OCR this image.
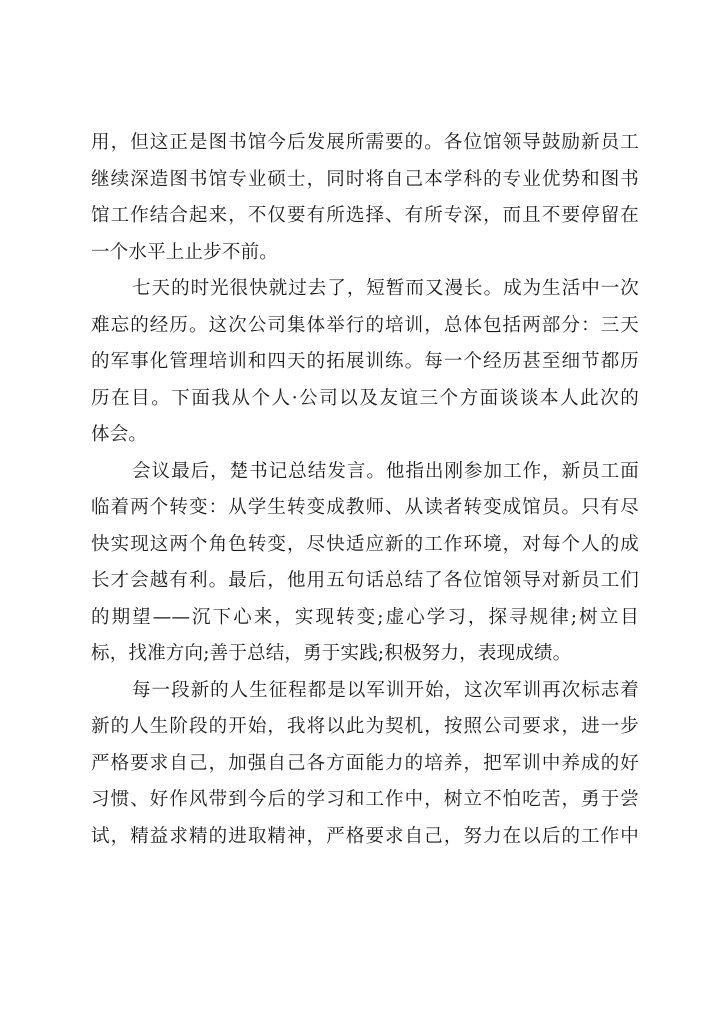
用，但这正是图书馆今后发展所需要的。各位馆领导鼓励新员工
继续深造图书馆专业硕士，同时将自己本学科的专业优势和图书
馆工作结合起来，不仅要有所选择、有所专深，而且不要停留在
一个水平上止步不前。
七天的时光很快就过去了，短暂而又漫长。成为生活中一次
难忘的经历。这次公司集体举行的培训，总体包括两部分：三天
的军事化管理培训和四天的拓展训练。每一个经历甚至细节都历
历在目。下面我从个人·公司以及友谊三个方面谈谈本人此次的
体会。
会议最后，楚书记总结发言。他指出刚参加工作，新员工面
临着两个转变：从学生转变成教师、从读者转变成馆员。只有尽
快实现这两个角色转变，尽快适应新的工作环境，对每个人的成
长才会越有利。最后，他用五句话总结了各位馆领导对新员工们
的期望——沉下心来，实现转变;虚心学习，探寻规律;树立目
标，找准方向;善于总结，勇于实践;积极努力，表现成绩。
每一段新的人生征程都是以军训开始，这次军训再次标志着
新的人生阶段的开始，我将以此为契机，按照公司要求，进一步
严格要求自己，加强自己各方面能力的培养，把军训中养成的好
习惯、好作风带到今后的学习和工作中，树立不怕吃苦，勇于尝
试，精益求精的进取精神，严格要求自己，努力在以后的工作中
